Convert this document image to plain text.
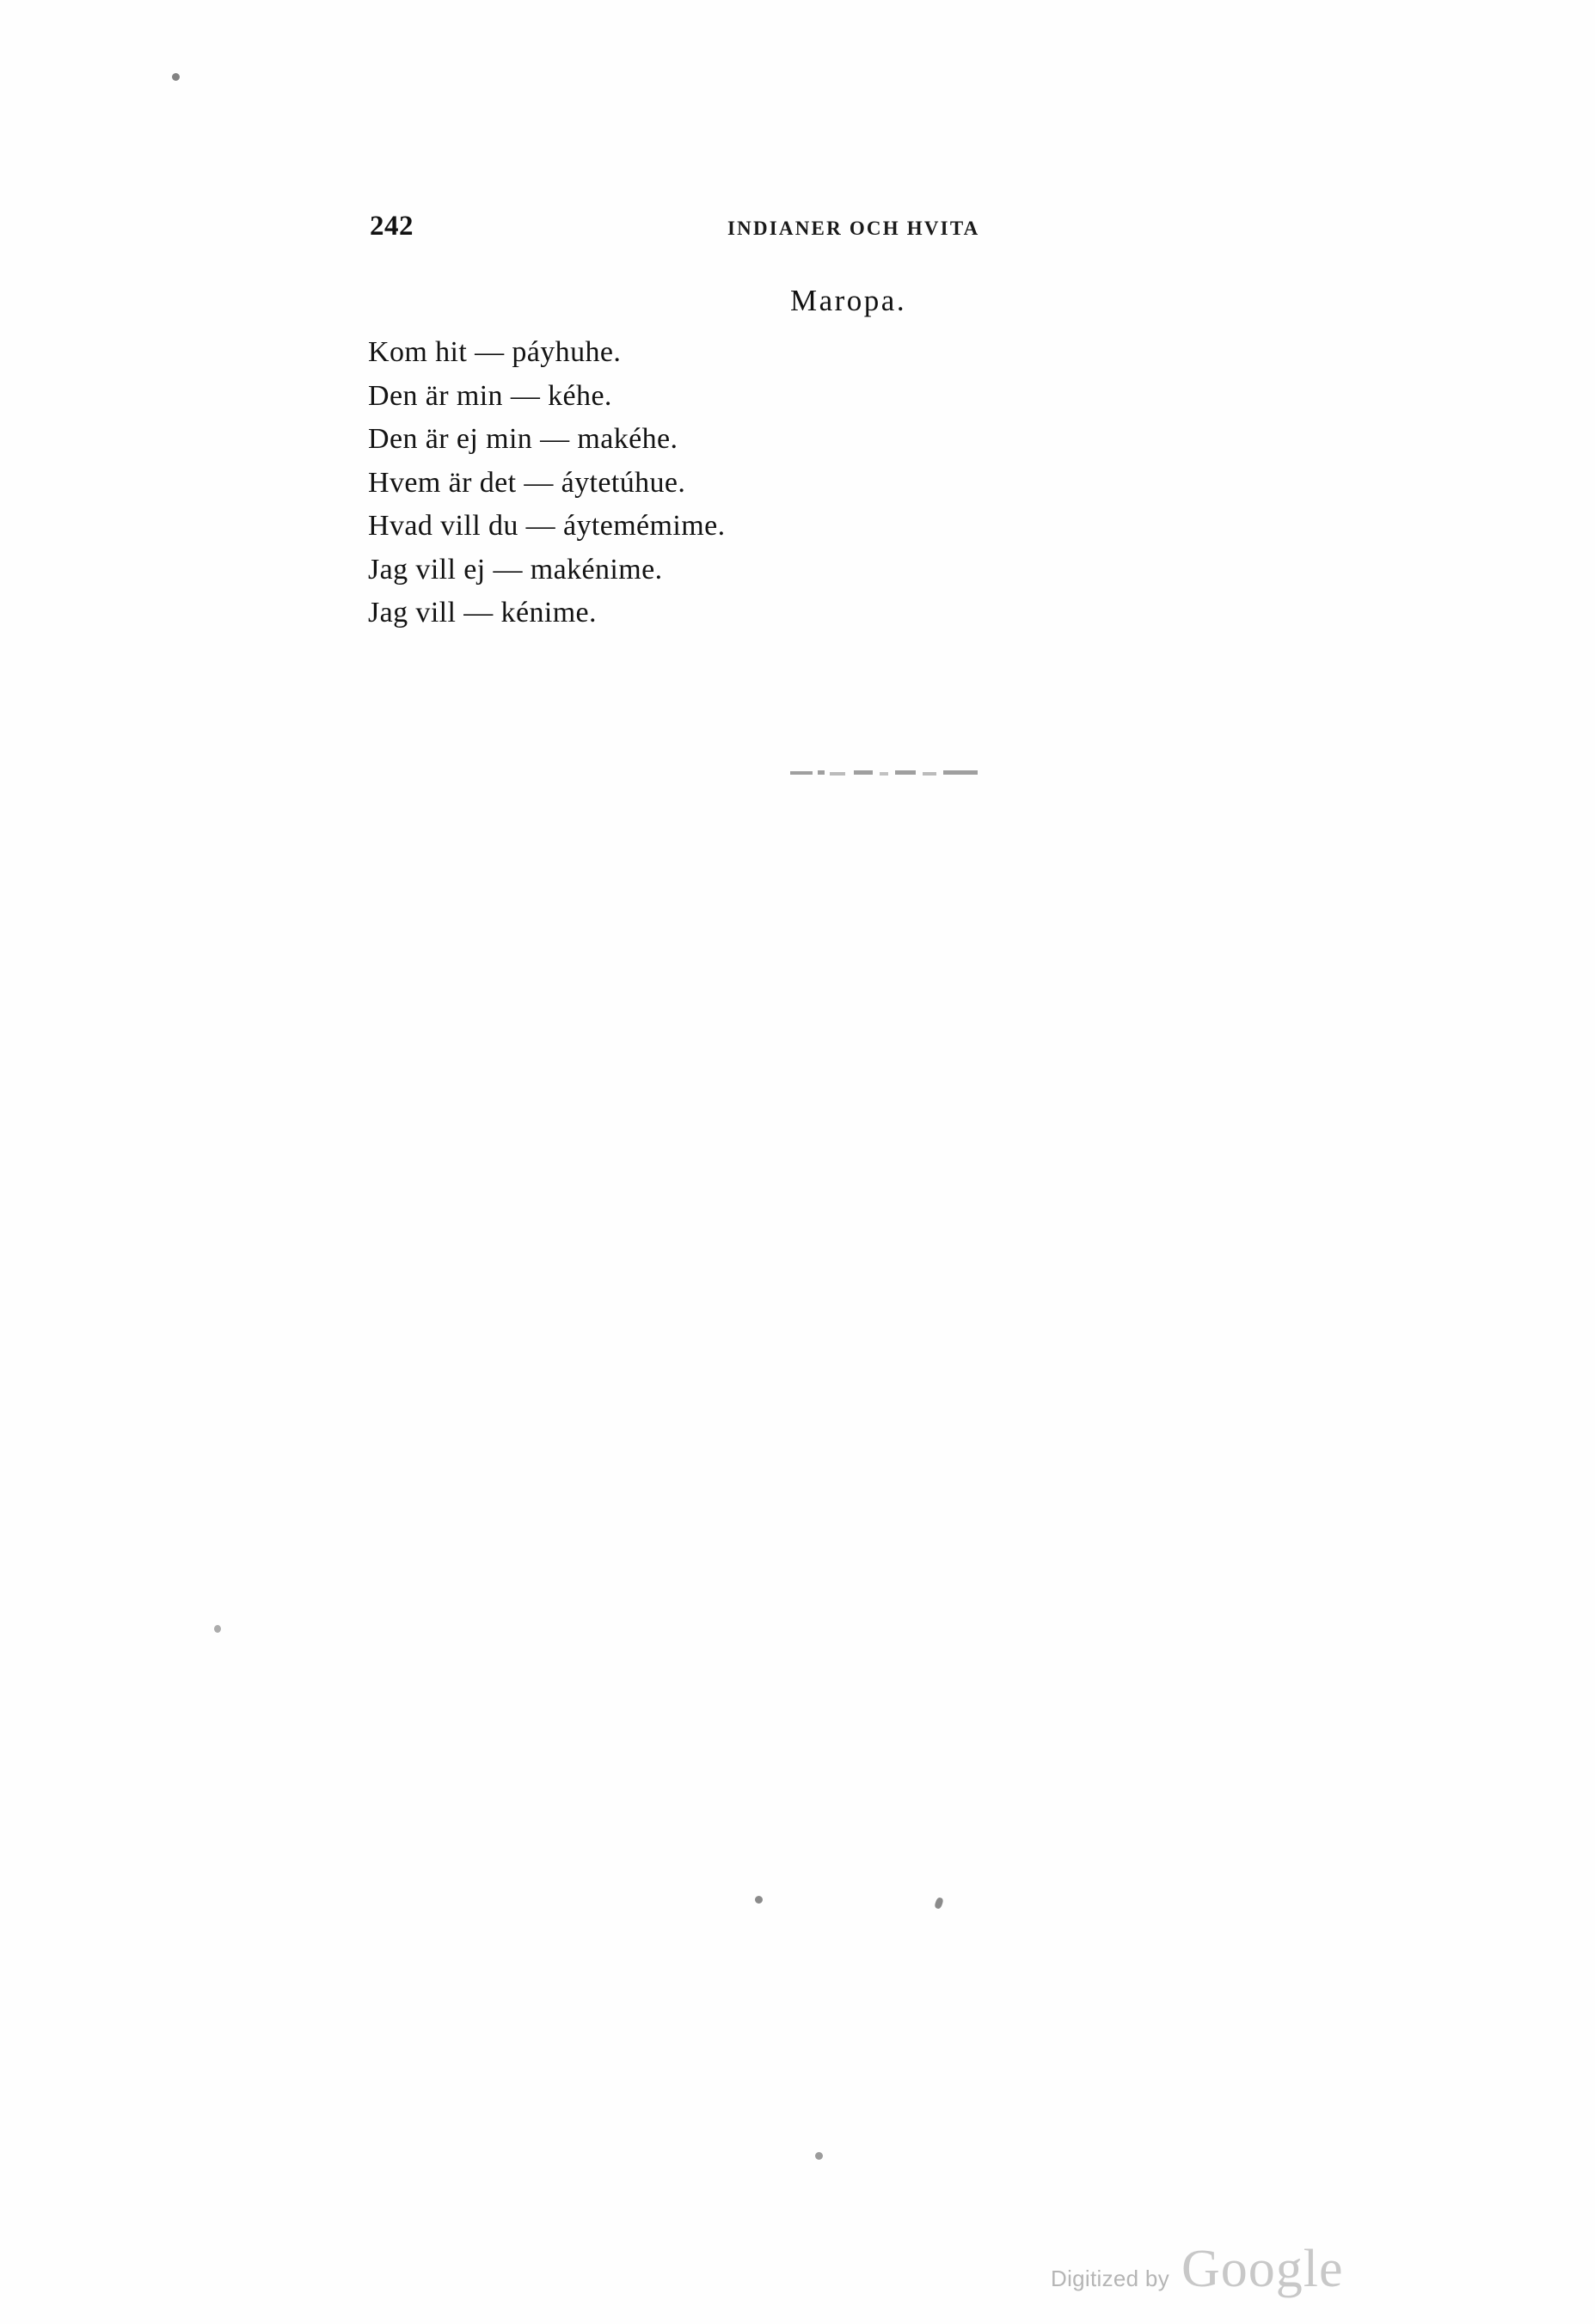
242	INDIANER OCH HVITA
Maropa.
Kom hit — páyhuhe.
Den är min — kéhe.
Den är ej min — makéhe.
Hvem är det — áytetúhue.
Hvad vill du — áytemémime.
Jag vill ej — makénime.
Jag vill — kénime.
Digitized by Google
